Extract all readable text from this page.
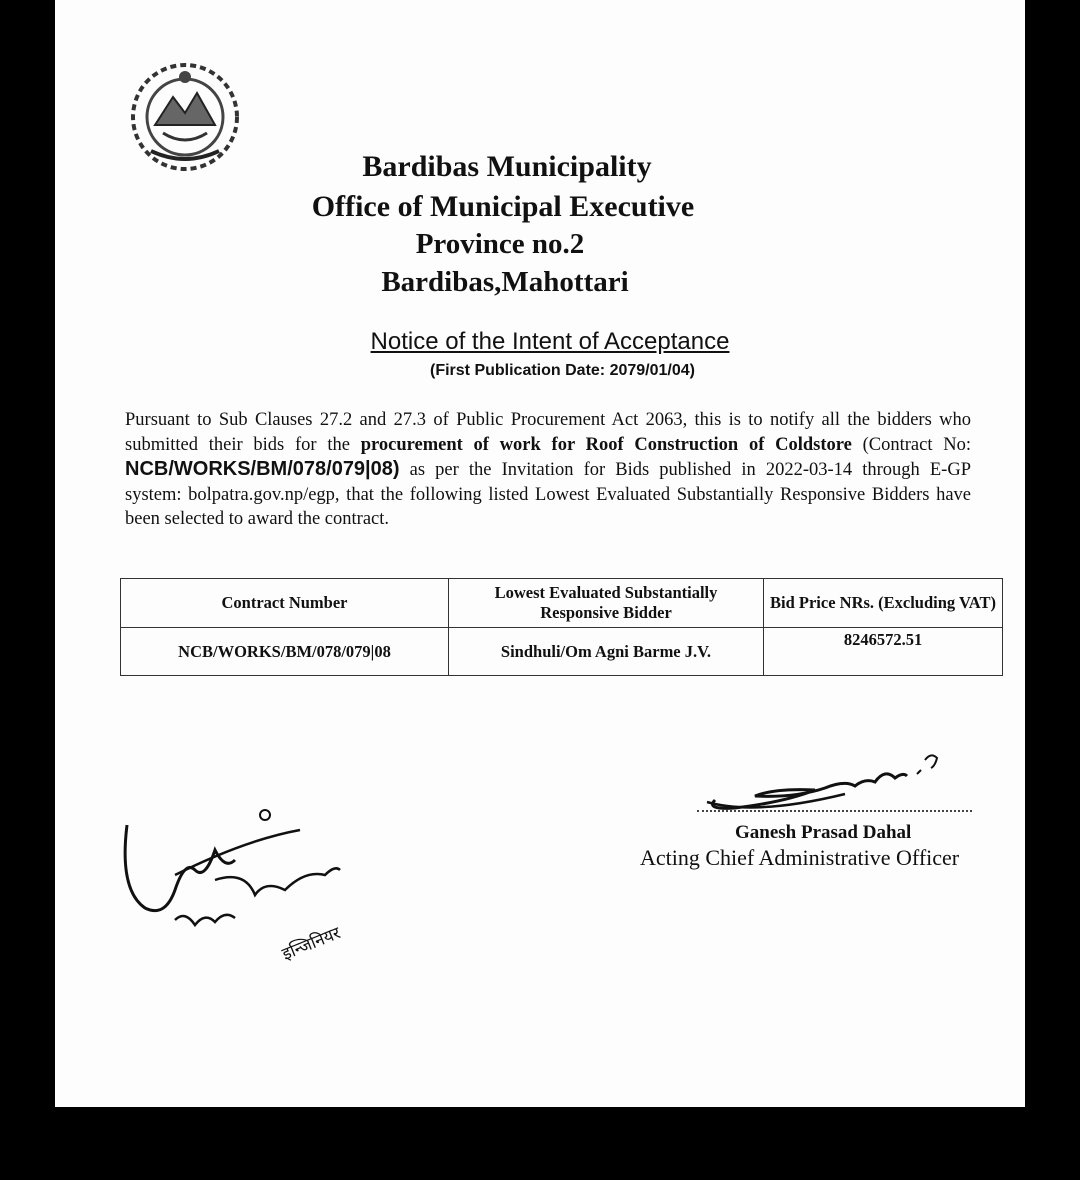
Bardibas Municipality
Office of Municipal Executive
Province no.2
Bardibas,Mahottari
Notice of the Intent of Acceptance
(First Publication Date: 2079/01/04)
Pursuant to Sub Clauses 27.2 and 27.3 of Public Procurement Act 2063, this is to notify all the bidders who submitted their bids for the procurement of work for Roof Construction of Coldstore (Contract No: NCB/WORKS/BM/078/079|08) as per the Invitation for Bids published in 2022-03-14 through E-GP system: bolpatra.gov.np/egp, that the following listed Lowest Evaluated Substantially Responsive Bidders have been selected to award the contract.
Contract Number	Lowest Evaluated Substantially Responsive Bidder	Bid Price NRs. (Excluding VAT)
NCB/WORKS/BM/078/079|08	Sindhuli/Om Agni Barme J.V.	8246572.51
Ganesh Prasad Dahal
Acting Chief Administrative Officer
इन्जिनियर
